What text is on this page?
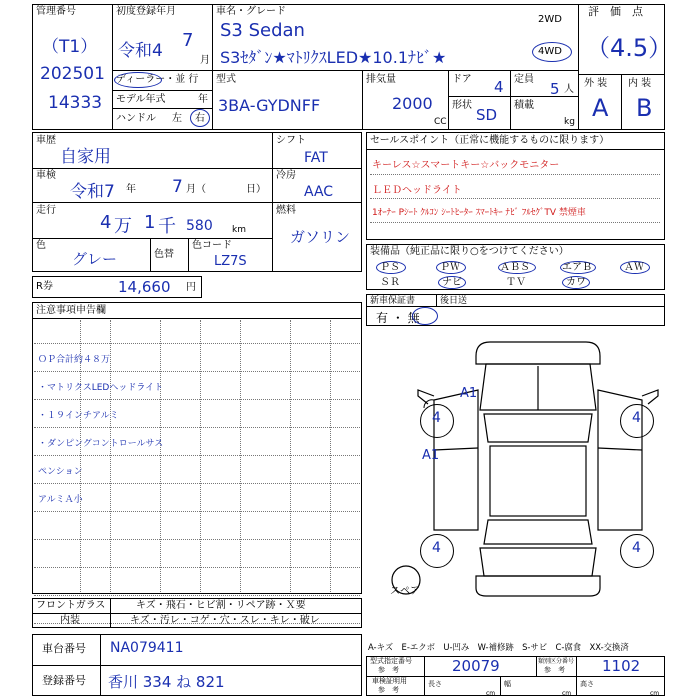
管理番号
（T1）
202501
14333
初度登録年月
令和4 7
月
車名・グレード
S3 Sedan
S3ｾﾀﾞﾝ★ﾏﾄﾘｸｽLED★10.1ﾅﾋﾞ★
2WD
4WD
評　価　点
（4.5）
外 装 内 装
A B
ディーラー・並 行
モデル年式	年
ハンドル 左 右
型式
3BA-GYDNFF
排気量
2000
CC
ドア 4 定員
5 人
形状
SD
積載
kg
車歴
自家用
車検
令和7 年 7 月（	日）
走行
4 万 1 千 580 km
色
グレー	色替
色コード
LZ7S
シフト
FAT
冷房
AAC
燃料
ガソリン
R券	14,660 円
注意事項申告欄
ＯＰ合計約４８万
・マトリクスLEDヘッドライト
・１９インチアルミ
・ダンピングコントロールサス
ペンション
アルミＡ小
フロントガラス	キズ・飛石・ヒビ割・リペア跡・Ｘ要
内装	キズ・汚レ・コゲ・穴・スレ・キレ・破レ
車台番号 NA079411
登録番号 香川 334 ね 821
セールスポイント（正常に機能するものに限ります）
キーレス☆スマートキー☆バックモニター
ＬＥＤヘッドライト
1ｵｰﾅｰ Pｼｰﾄ ｸﾙｺﾝ ｼｰﾄﾋｰﾀｰ ｽﾏｰﾄｷｰ ﾅﾋﾞ ﾌﾙｾｸﾞTV 禁煙車
装備品（純正品に限り○をつけてください）
ＰＳ	ＰＷ	ＡＢＳ	エアＢ	ＡＷ
ＳＲ	ナビ	ＴＶ	カワ
新車保証書	後日送
有 ・ 無
4	4
4	4
A1
A1
スペア
A-キズ　E-エクボ　U-凹み　W-補修跡　S-サビ　C-腐食　XX-交換済
型式指定番号
参　考	20079	類別区分番号
参　考 1102
車検証明用
参　考
長さ
cm
幅
cm
高さ
cm
